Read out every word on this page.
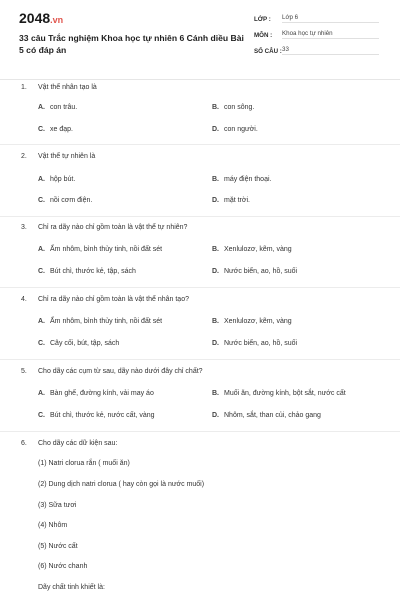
2048.vn
33 câu Trắc nghiệm Khoa học tự nhiên 6 Cánh diều Bài 5 có đáp án
LỚP :	Lớp 6
MÔN :	Khoa học tự nhiên
SỐ CÂU : 33
1. Vật thể nhân tạo là
A. con trâu.	B. con sông.
C. xe đạp.	D. con người.
2. Vật thể tự nhiên là
A. hộp bút.	B. máy điện thoại.
C. nồi cơm điện.	D. mặt trời.
3. Chỉ ra dãy nào chỉ gồm toàn là vật thể tự nhiên?
A. Ấm nhôm, bình thủy tinh, nồi đất sét	B. Xenlulozơ, kẽm, vàng
C. Bút chì, thước kẻ, tập, sách	D. Nước biển, ao, hồ, suối
4. Chỉ ra dãy nào chỉ gồm toàn là vật thể nhân tạo?
A. Ấm nhôm, bình thủy tinh, nồi đất sét	B. Xenlulozơ, kẽm, vàng
C. Cây cối, bút, tập, sách	D. Nước biển, ao, hồ, suối
5. Cho dãy các cụm từ sau, dãy nào dưới đây chỉ chất?
A. Bàn ghế, đường kính, vải may áo	B. Muối ăn, đường kính, bột sắt, nước cất
C. Bút chì, thước kẻ, nước cất, vàng	D. Nhôm, sắt, than củi, chảo gang
6. Cho dãy các dữ kiện sau:
(1) Natri clorua rắn ( muối ăn)
(2) Dung dịch natri clorua ( hay còn gọi là nước muối)
(3) Sữa tươi
(4) Nhôm
(5) Nước cất
(6) Nước chanh
Dãy chất tinh khiết là:
